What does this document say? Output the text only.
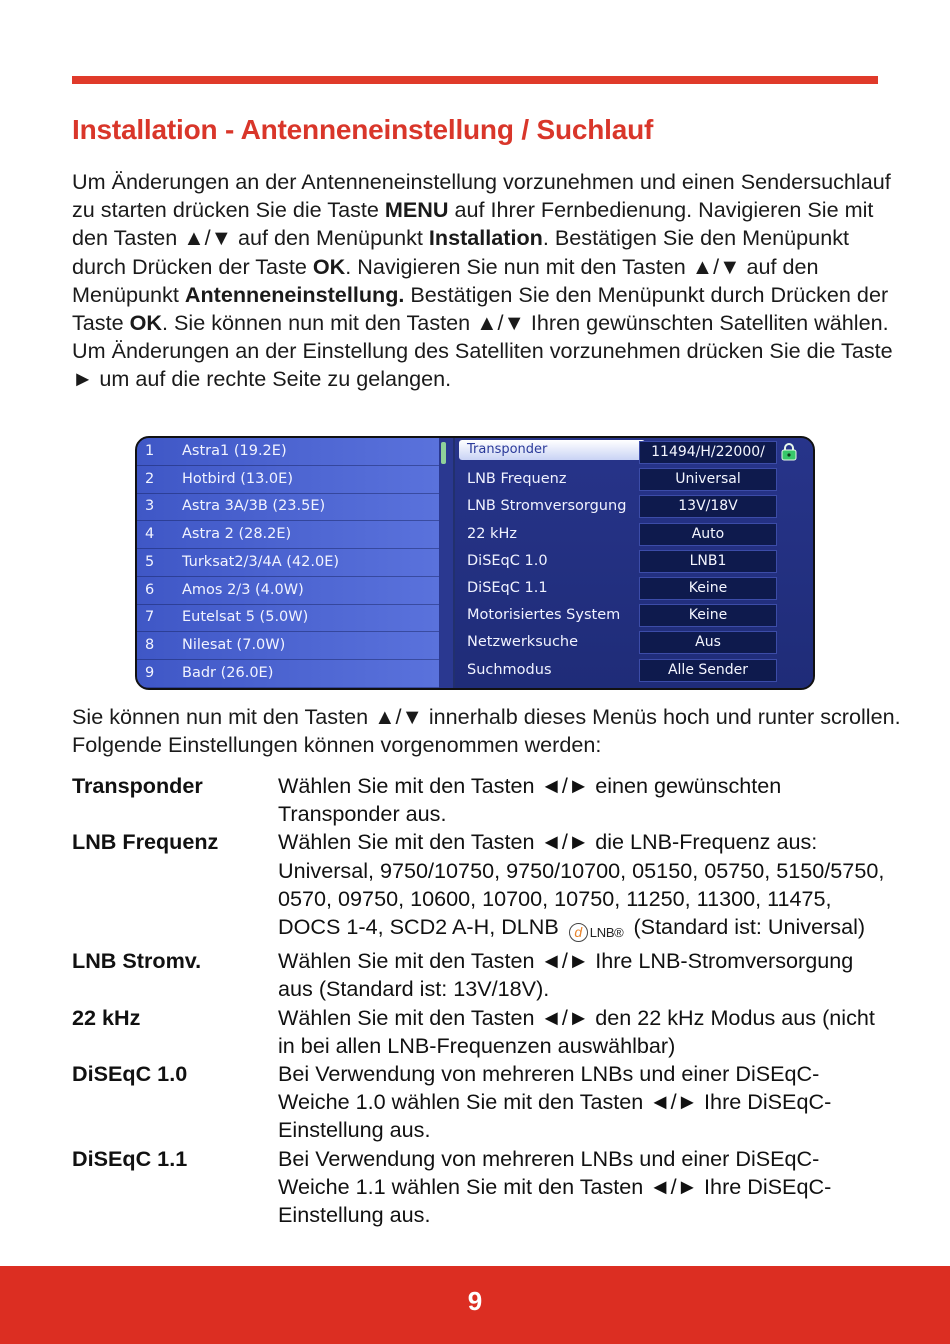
Installation - Antenneneinstellung / Suchlauf
Um Änderungen an der Antenneneinstellung vorzunehmen und einen Sendersuchlauf zu starten drücken Sie die Taste MENU auf Ihrer Fernbedienung. Navigieren Sie mit den Tasten ▲/▼ auf den Menüpunkt Installation. Bestätigen Sie den Menüpunkt durch Drücken der Taste OK. Navigieren Sie nun mit den Tasten ▲/▼ auf den Menüpunkt Antenneneinstellung. Bestätigen Sie den Menüpunkt durch Drücken der Taste OK. Sie können nun mit den Tasten ▲/▼ Ihren gewünschten Satelliten wählen. Um Änderungen an der Einstellung des Satelliten vorzunehmen drücken Sie die Taste ► um auf die rechte Seite zu gelangen.
1 Astra1 (19.2E)
2 Hotbird (13.0E)
3 Astra 3A/3B (23.5E)
4 Astra 2 (28.2E)
5 Turksat2/3/4A (42.0E)
6 Amos 2/3 (4.0W)
7 Eutelsat 5 (5.0W)
8 Nilesat (7.0W)
9 Badr (26.0E)
Transponder	11494/H/22000/
LNB Frequenz	Universal
LNB Stromversorgung	13V/18V
22 kHz	Auto
DiSEqC 1.0	LNB1
DiSEqC 1.1	Keine
Motorisiertes System	Keine
Netzwerksuche	Aus
Suchmodus	Alle Sender
Sie können nun mit den Tasten ▲/▼ innerhalb dieses Menüs hoch und runter scrollen. Folgende Einstellungen können vorgenommen werden:
Transponder	Wählen Sie mit den Tasten ◄/► einen gewünschten Transponder aus.
LNB Frequenz	Wählen Sie mit den Tasten ◄/► die LNB-Frequenz aus: Universal, 9750/10750, 9750/10700, 05150, 05750, 5150/5750, 0570, 09750, 10600, 10700, 10750, 11250, 11300, 11475, DOCS 1-4, SCD2 A-H, DLNB d LNB® (Standard ist: Universal)
LNB Stromv.	Wählen Sie mit den Tasten ◄/► Ihre LNB-Stromversorgung aus (Standard ist: 13V/18V).
22 kHz	Wählen Sie mit den Tasten ◄/► den 22 kHz Modus aus (nicht in bei allen LNB-Frequenzen auswählbar)
DiSEqC 1.0	Bei Verwendung von mehreren LNBs und einer DiSEqC-Weiche 1.0 wählen Sie mit den Tasten ◄/► Ihre DiSEqC-Einstellung aus.
DiSEqC 1.1	Bei Verwendung von mehreren LNBs und einer DiSEqC-Weiche 1.1 wählen Sie mit den Tasten ◄/► Ihre DiSEqC-Einstellung aus.
9
